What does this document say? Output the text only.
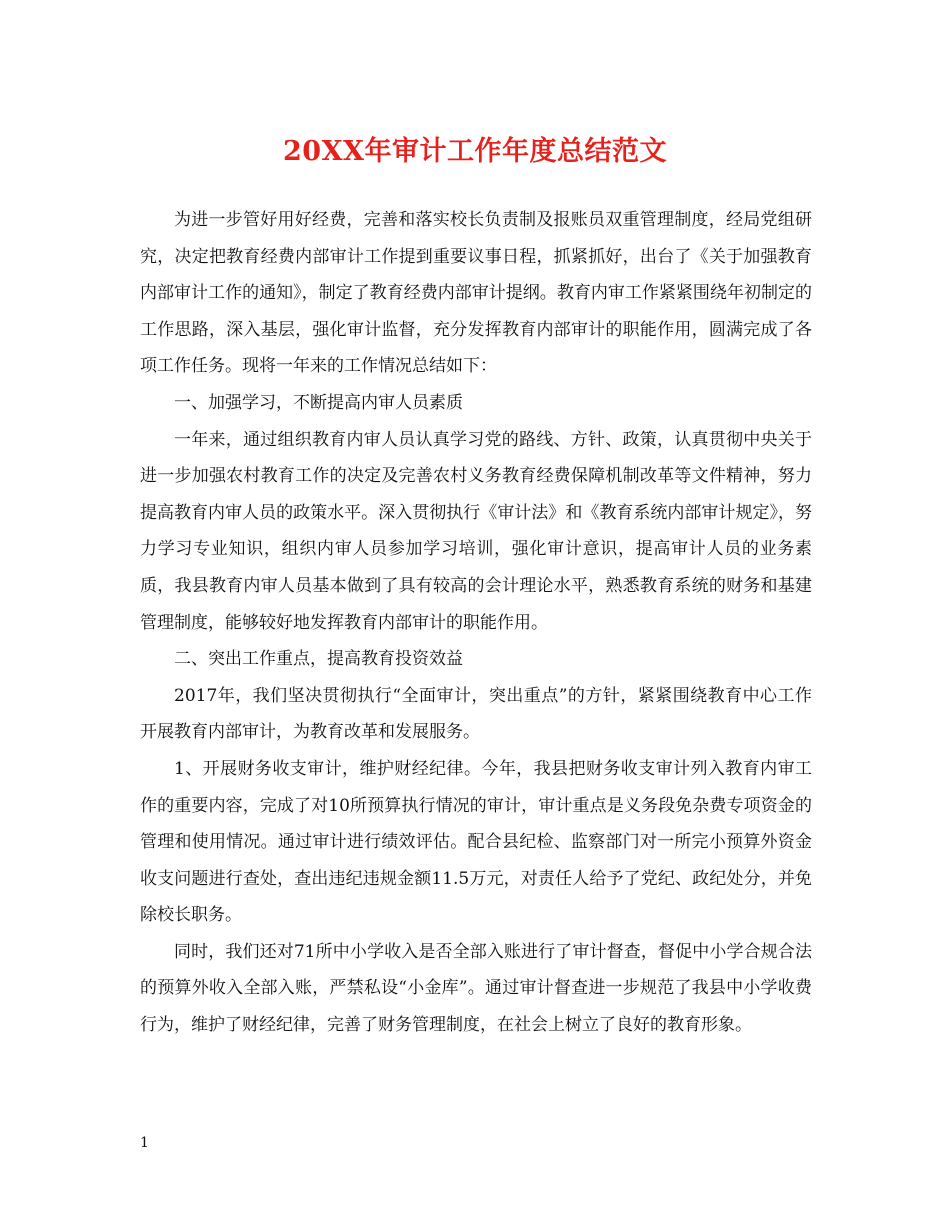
20XX年审计工作年度总结范文

为进一步管好用好经费，完善和落实校长负责制及报账员双重管理制度，经局党组研究，决定把教育经费内部审计工作提到重要议事日程，抓紧抓好，出台了《关于加强教育内部审计工作的通知》，制定了教育经费内部审计提纲。教育内审工作紧紧围绕年初制定的工作思路，深入基层，强化审计监督，充分发挥教育内部审计的职能作用，圆满完成了各项工作任务。现将一年来的工作情况总结如下：

一、加强学习，不断提高内审人员素质

一年来，通过组织教育内审人员认真学习党的路线、方针、政策，认真贯彻中央关于进一步加强农村教育工作的决定及完善农村义务教育经费保障机制改革等文件精神，努力提高教育内审人员的政策水平。深入贯彻执行《审计法》和《教育系统内部审计规定》，努力学习专业知识，组织内审人员参加学习培训，强化审计意识，提高审计人员的业务素质，我县教育内审人员基本做到了具有较高的会计理论水平，熟悉教育系统的财务和基建管理制度，能够较好地发挥教育内部审计的职能作用。

二、突出工作重点，提高教育投资效益

2017年，我们坚决贯彻执行“全面审计，突出重点”的方针，紧紧围绕教育中心工作开展教育内部审计，为教育改革和发展服务。

1、开展财务收支审计，维护财经纪律。今年，我县把财务收支审计列入教育内审工作的重要内容，完成了对10所预算执行情况的审计，审计重点是义务段免杂费专项资金的管理和使用情况。通过审计进行绩效评估。配合县纪检、监察部门对一所完小预算外资金收支问题进行查处，查出违纪违规金额11.5万元，对责任人给予了党纪、政纪处分，并免除校长职务。

同时，我们还对71所中小学收入是否全部入账进行了审计督查，督促中小学合规合法的预算外收入全部入账，严禁私设“小金库”。通过审计督查进一步规范了我县中小学收费行为，维护了财经纪律，完善了财务管理制度，在社会上树立了良好的教育形象。

1
